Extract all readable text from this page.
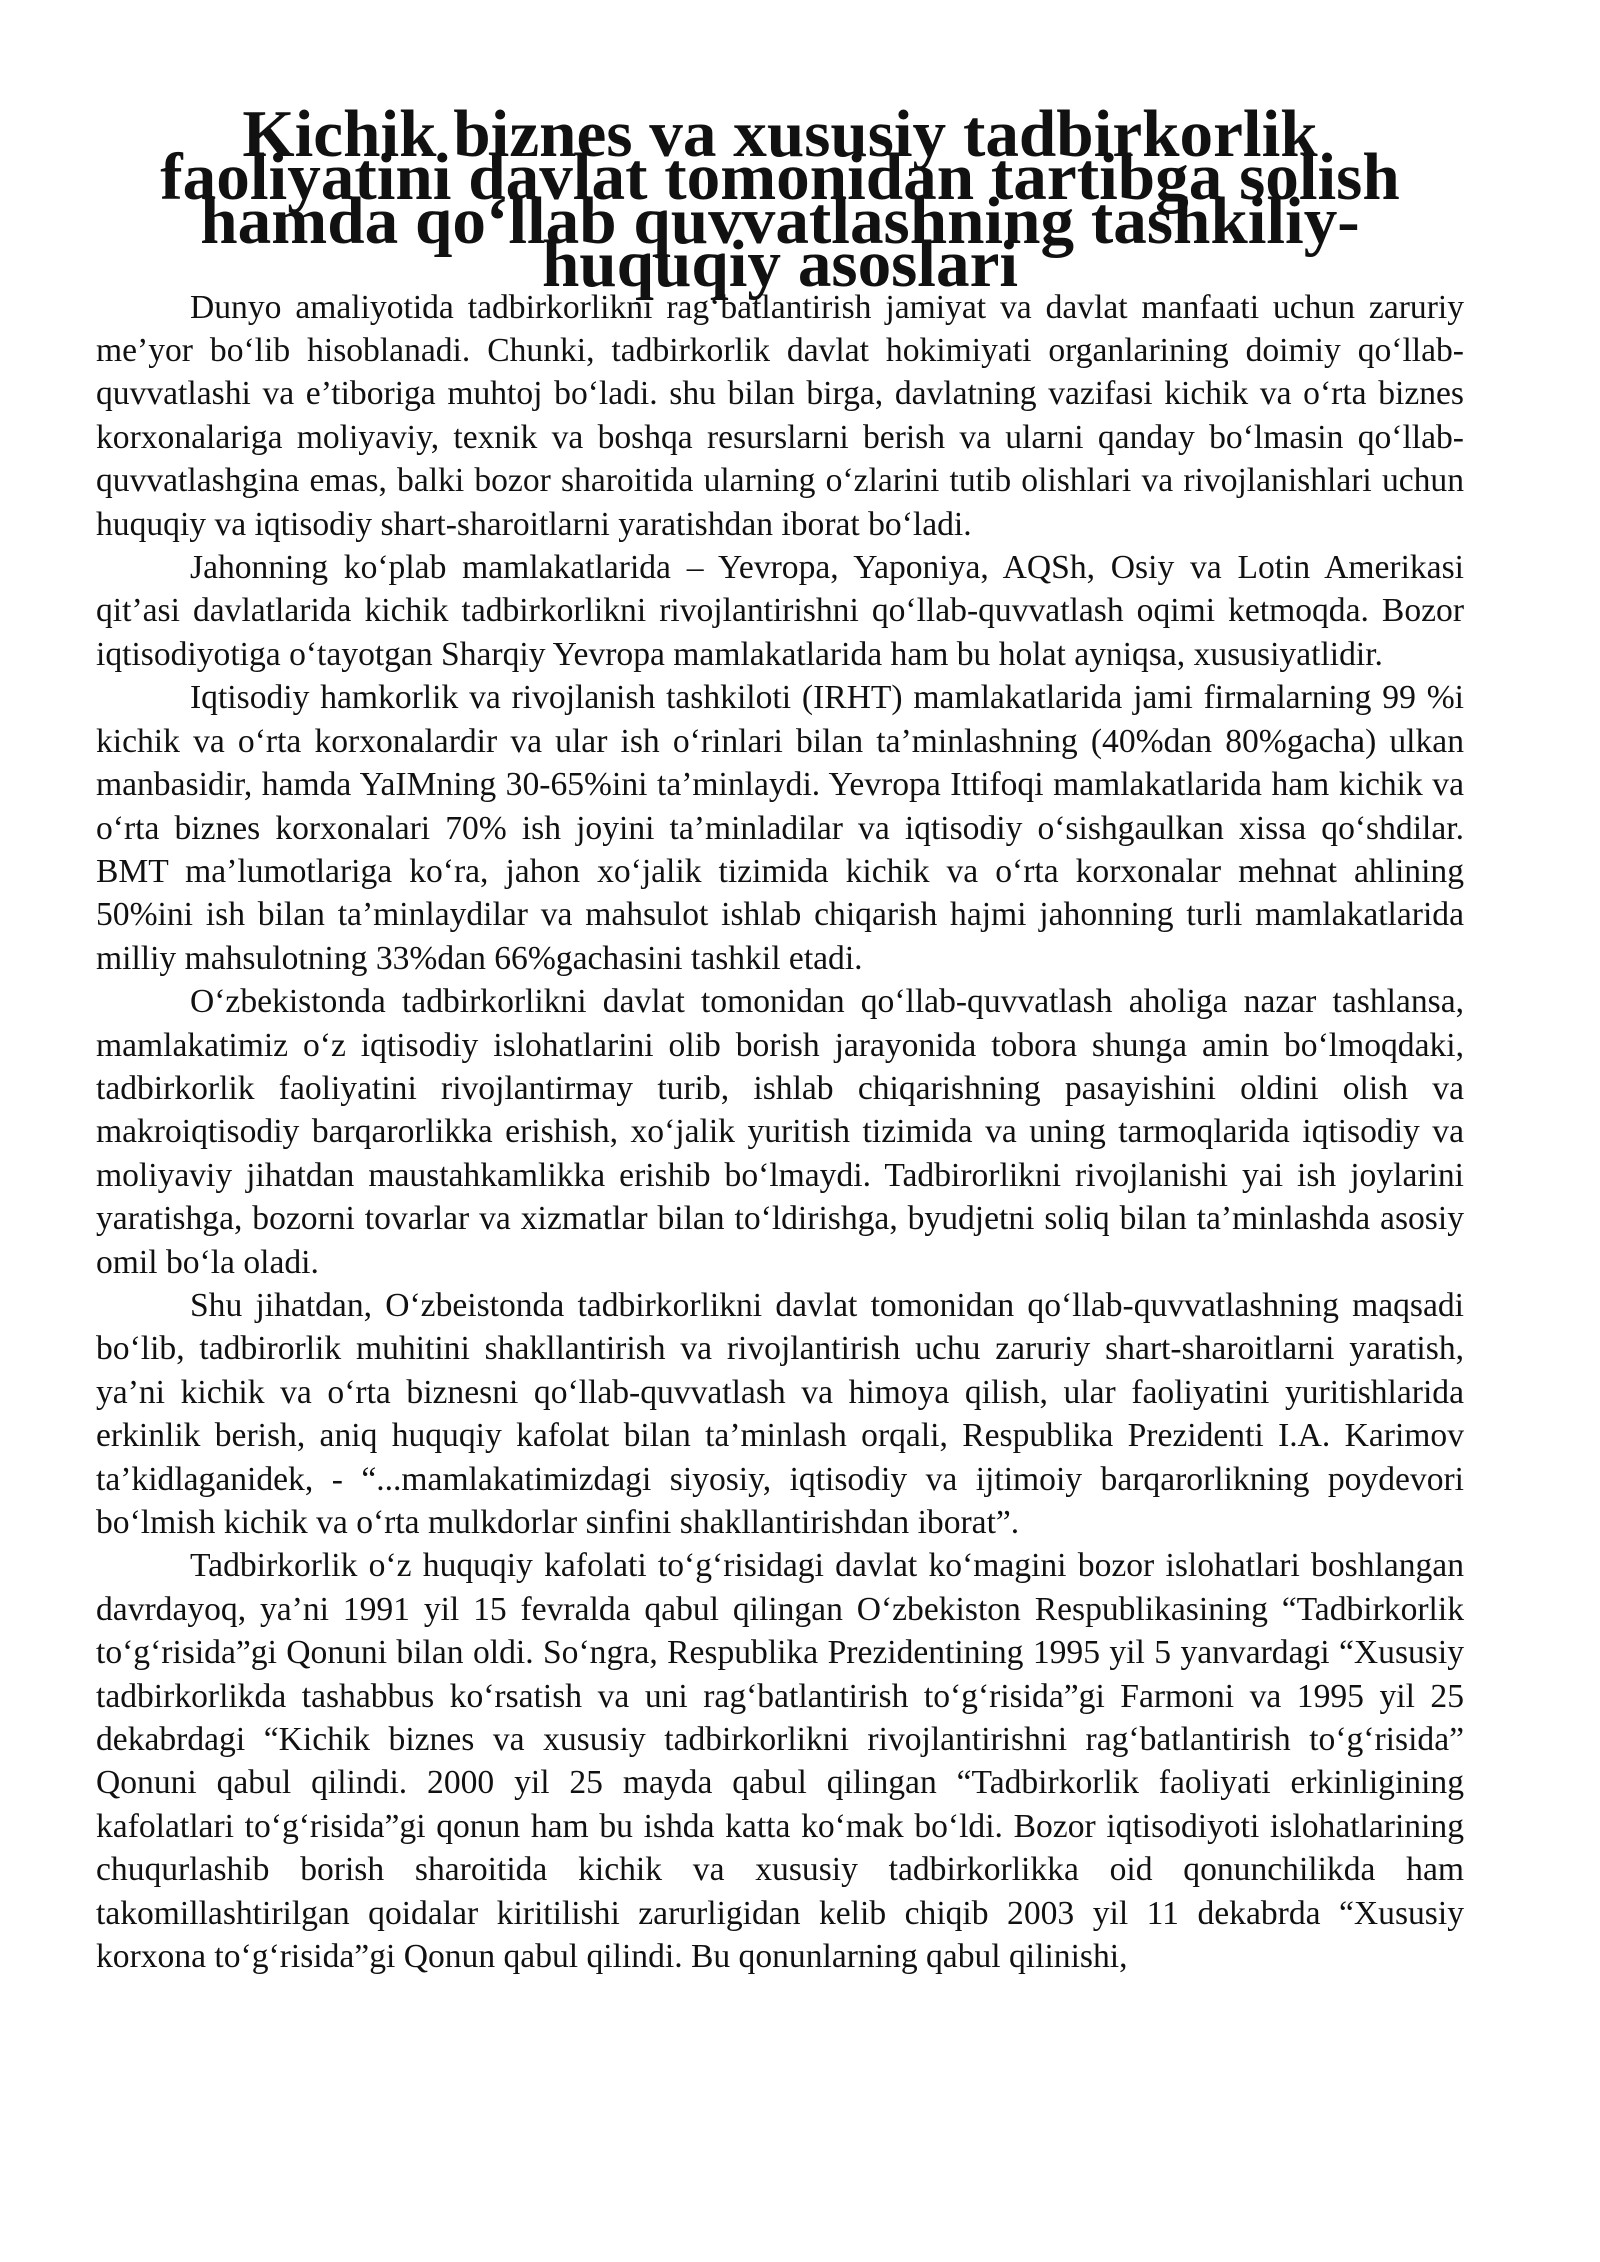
Kichik biznes va xususiy tadbirkorlik faoliyatini davlat tomonidan tartibga solish hamda qo‘llab quvvatlashning tashkiliy-huquqiy asoslari

Dunyo amaliyotida tadbirkorlikni rag‘batlantirish jamiyat va davlat manfaati uchun zaruriy me’yor bo‘lib hisoblanadi. Chunki, tadbirkorlik davlat hokimiyati organlarining doimiy qo‘llab-quvvatlashi va e’tiboriga muhtoj bo‘ladi. shu bilan birga, davlatning vazifasi kichik va o‘rta biznes korxonalariga moliyaviy, texnik va boshqa resurslarni berish va ularni qanday bo‘lmasin qo‘llab-quvvatlashgina emas, balki bozor sharoitida ularning o‘zlarini tutib olishlari va rivojlanishlari uchun huquqiy va iqtisodiy shart-sharoitlarni yaratishdan iborat bo‘ladi.

Jahonning ko‘plab mamlakatlarida – Yevropa, Yaponiya, AQSh, Osiy va Lotin Amerikasi qit’asi davlatlarida kichik tadbirkorlikni rivojlantirishni qo‘llab-quvvatlash oqimi ketmoqda. Bozor iqtisodiyotiga o‘tayotgan Sharqiy Yevropa mamlakatlarida ham bu holat ayniqsa, xususiyatlidir.

Iqtisodiy hamkorlik va rivojlanish tashkiloti (IRHT) mamlakatlarida jami firmalarning 99 %i kichik va o‘rta korxonalardir va ular ish o‘rinlari bilan ta’minlashning (40%dan 80%gacha) ulkan manbasidir, hamda YaIMning 30-65%ini ta’minlaydi. Yevropa Ittifoqi mamlakatlarida ham kichik va o‘rta biznes korxonalari 70% ish joyini ta’minladilar va iqtisodiy o‘sishgaulkan xissa qo‘shdilar. BMT ma’lumotlariga ko‘ra, jahon xo‘jalik tizimida kichik va o‘rta korxonalar mehnat ahlining 50%ini ish bilan ta’minlaydilar va mahsulot ishlab chiqarish hajmi jahonning turli mamlakatlarida milliy mahsulotning 33%dan 66%gachasini tashkil etadi.

O‘zbekistonda tadbirkorlikni davlat tomonidan qo‘llab-quvvatlash aholiga nazar tashlansa, mamlakatimiz o‘z iqtisodiy islohatlarini olib borish jarayonida tobora shunga amin bo‘lmoqdaki, tadbirkorlik faoliyatini rivojlantirmay turib, ishlab chiqarishning pasayishini oldini olish va makroiqtisodiy barqarorlikka erishish, xo‘jalik yuritish tizimida va uning tarmoqlarida iqtisodiy va moliyaviy jihatdan maustahkamlikka erishib bo‘lmaydi. Tadbirorlikni rivojlanishi yai ish joylarini yaratishga, bozorni tovarlar va xizmatlar bilan to‘ldirishga, byudjetni soliq bilan ta’minlashda asosiy omil bo‘la oladi.

Shu jihatdan, O‘zbeistonda tadbirkorlikni davlat tomonidan qo‘llab-quvvatlashning maqsadi bo‘lib, tadbirorlik muhitini shakllantirish va rivojlantirish uchu zaruriy shart-sharoitlarni yaratish, ya’ni kichik va o‘rta biznesni qo‘llab-quvvatlash va himoya qilish, ular faoliyatini yuritishlarida erkinlik berish, aniq huquqiy kafolat bilan ta’minlash orqali, Respublika Prezidenti I.A. Karimov ta’kidlaganidek, - “...mamlakatimizdagi siyosiy, iqtisodiy va ijtimoiy barqarorlikning poydevori bo‘lmish kichik va o‘rta mulkdorlar sinfini shakllantirishdan iborat”.

Tadbirkorlik o‘z huquqiy kafolati to‘g‘risidagi davlat ko‘magini bozor islohatlari boshlangan davrdayoq, ya’ni 1991 yil 15 fevralda qabul qilingan O‘zbekiston Respublikasining “Tadbirkorlik to‘g‘risida”gi Qonuni bilan oldi. So‘ngra, Respublika Prezidentining 1995 yil 5 yanvardagi “Xususiy tadbirkorlikda tashabbus ko‘rsatish va uni rag‘batlantirish to‘g‘risida”gi Farmoni va 1995 yil 25 dekabrdagi “Kichik biznes va xususiy tadbirkorlikni rivojlantirishni rag‘batlantirish to‘g‘risida” Qonuni qabul qilindi. 2000 yil 25 mayda qabul qilingan “Tadbirkorlik faoliyati erkinligining kafolatlari to‘g‘risida”gi qonun ham bu ishda katta ko‘mak bo‘ldi. Bozor iqtisodiyoti islohatlarining chuqurlashib borish sharoitida kichik va xususiy tadbirkorlikka oid qonunchilikda ham takomillashtirilgan qoidalar kiritilishi zarurligidan kelib chiqib 2003 yil 11 dekabrda “Xususiy korxona to‘g‘risida”gi Qonun qabul qilindi. Bu qonunlarning qabul qilinishi,
